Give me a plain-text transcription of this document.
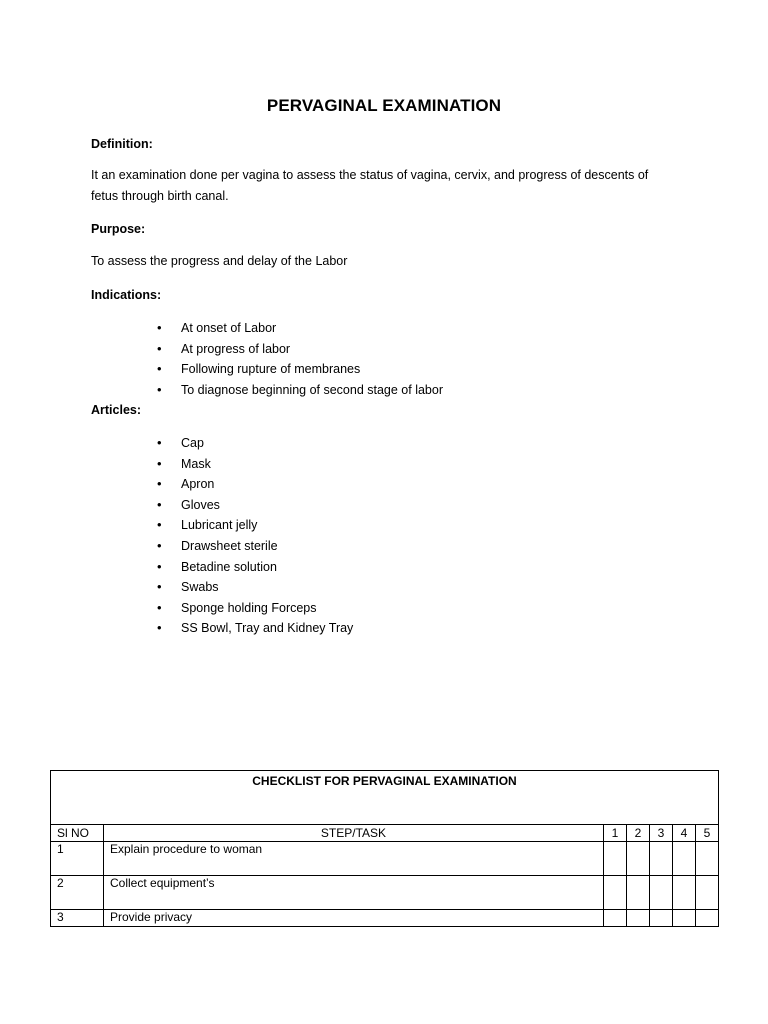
PERVAGINAL EXAMINATION
Definition:
It an examination done per vagina to assess the status of vagina, cervix, and progress of descents of fetus through birth canal.
Purpose:
To assess the progress and delay of the Labor
Indications:
• At onset of Labor
• At progress of labor
• Following rupture of membranes
• To diagnose beginning of second stage of labor
Articles:
• Cap
• Mask
• Apron
• Gloves
• Lubricant jelly
• Drawsheet sterile
• Betadine solution
• Swabs
• Sponge holding Forceps
• SS Bowl, Tray and Kidney Tray
CHECKLIST FOR PERVAGINAL EXAMINATION						
Sl NO	STEP/TASK	1	2	3	4	5
1	Explain procedure to woman					
2	Collect equipment’s					
3	Provide privacy					
